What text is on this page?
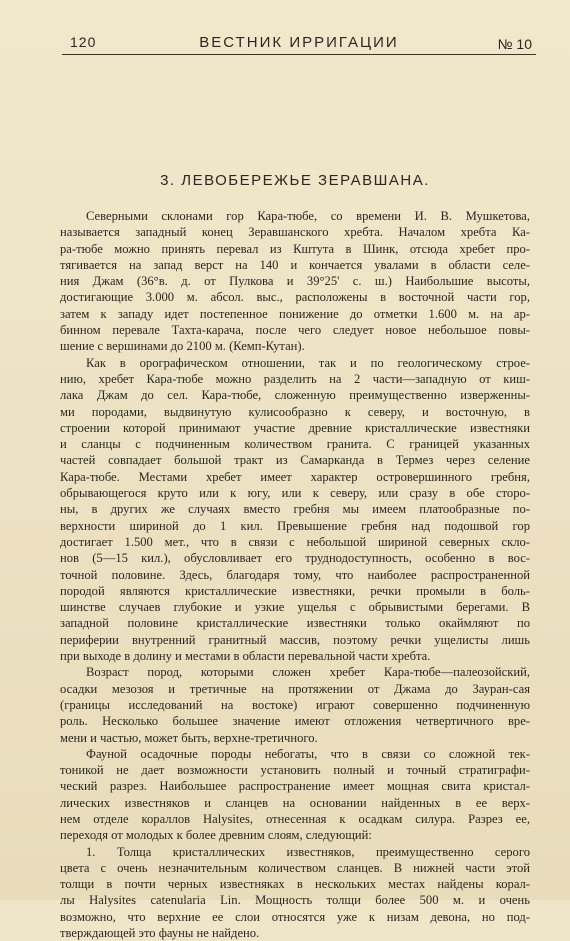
120	ВЕСТНИК ИРРИГАЦИИ	№ 10
3. ЛЕВОБЕРЕЖЬЕ ЗЕРАВШАНА.
Северными склонами гор Кара-тюбе, со времени И. В. Мушкетова,
называется западный конец Зеравшанского хребта. Началом хребта Ка-
ра-тюбе можно принять перевал из Кштута в Шинк, отсюда хребет про-
тягивается на запад верст на 140 и кончается увалами в области селе-
ния Джам (36°в. д. от Пулкова и 39°25' с. ш.) Наибольшие высоты,
достигающие 3.000 м. абсол. выс., расположены в восточной части гор,
затем к западу идет постепенное понижение до отметки 1.600 м. на ар-
бинном перевале Тахта-карача, после чего следует новое небольшое повы-
шение с вершинами до 2100 м. (Кемп-Кутан).
Как в орографическом отношении, так и по геологическому строе-
нию, хребет Кара-тюбе можно разделить на 2 части—западную от киш-
лака Джам до сел. Кара-тюбе, сложенную преимущественно изверженны-
ми породами, выдвинутую кулисообразно к северу, и восточную, в
строении которой принимают участие древние кристаллические известняки
и сланцы с подчиненным количеством гранита. С границей указанных
частей совпадает большой тракт из Самарканда в Термез через селение
Кара-тюбе. Местами хребет имеет характер островершинного гребня,
обрывающегося круто или к югу, или к северу, или сразу в обе сторо-
ны, в других же случаях вместо гребня мы имеем платообразные по-
верхности шириной до 1 кил. Превышение гребня над подошвой гор
достигает 1.500 мет., что в связи с небольшой шириной северных скло-
нов (5—15 кил.), обусловливает его труднодоступность, особенно в вос-
точной половине. Здесь, благодаря тому, что наиболее распространенной
породой являются кристаллические известняки, речки промыли в боль-
шинстве случаев глубокие и узкие ущелья с обрывистыми берегами. В
западной половине кристаллические известняки только окаймляют по
периферии внутренний гранитный массив, поэтому речки ущелисты лишь
при выходе в долину и местами в области перевальной части хребта.
Возраст пород, которыми сложен хребет Кара-тюбе—палеозойский,
осадки мезозоя и третичные на протяжении от Джама до Зауран-сая
(границы исследований на востоке) играют совершенно подчиненную
роль. Несколько большее значение имеют отложения четвертичного вре-
мени и частью, может быть, верхне-третичного.
Фауной осадочные породы небогаты, что в связи со сложной тек-
тоникой не дает возможности установить полный и точный стратиграфи-
ческий разрез. Наибольшее распространение имеет мощная свита кристал-
лических известняков и сланцев на основании найденных в ее верх-
нем отделе кораллов Halysites, отнесенная к осадкам силура. Разрез ее,
переходя от молодых к более древним слоям, следующий:
1. Толща кристаллических известняков, преимущественно серого
цвета с очень незначительным количеством сланцев. В нижней части этой
толщи в почти черных известняках в нескольких местах найдены корал-
лы Halysites catenularia Lin. Мощность толщи более 500 м. и очень
возможно, что верхние ее слои относятся уже к низам девона, но под-
тверждающей это фауны не найдено.
